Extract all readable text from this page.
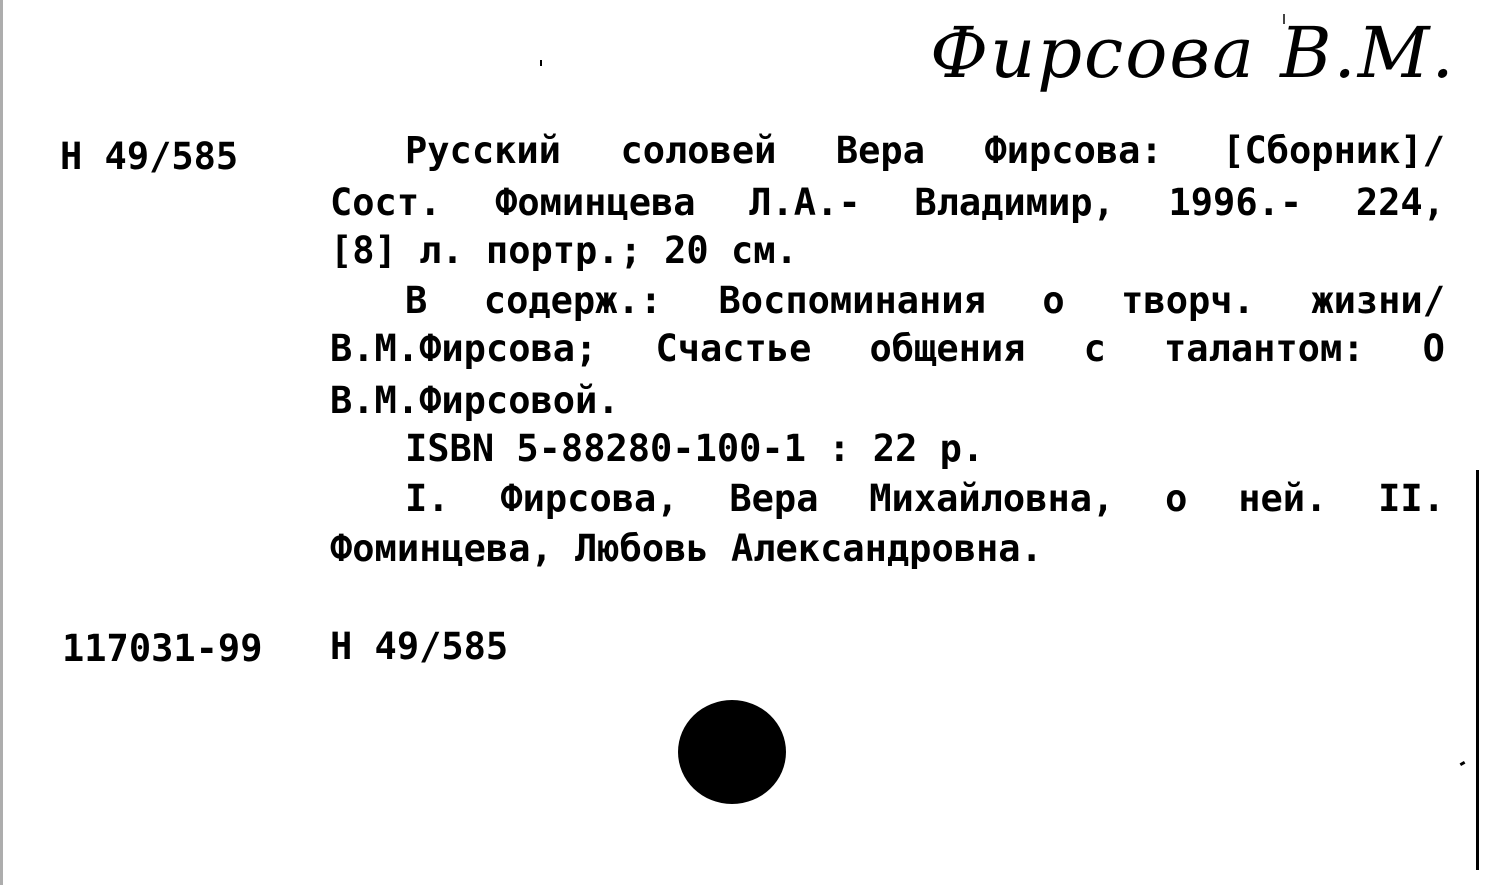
Фирсова В.М.
Н 49/585	Русский соловей Вера Фирсова: [Сборник]/
Сост. Фоминцева Л.А.- Владимир, 1996.- 224,
[8] л. портр.; 20 см.
В содерж.: Воспоминания о творч. жизни/
В.М.Фирсова; Счастье общения с талантом: О
В.М.Фирсовой.
ISBN 5-88280-100-1 : 22 р.
I. Фирсова, Вера Михайловна, о ней. II.
Фоминцева, Любовь Александровна.
117031-99 Н 49/585
